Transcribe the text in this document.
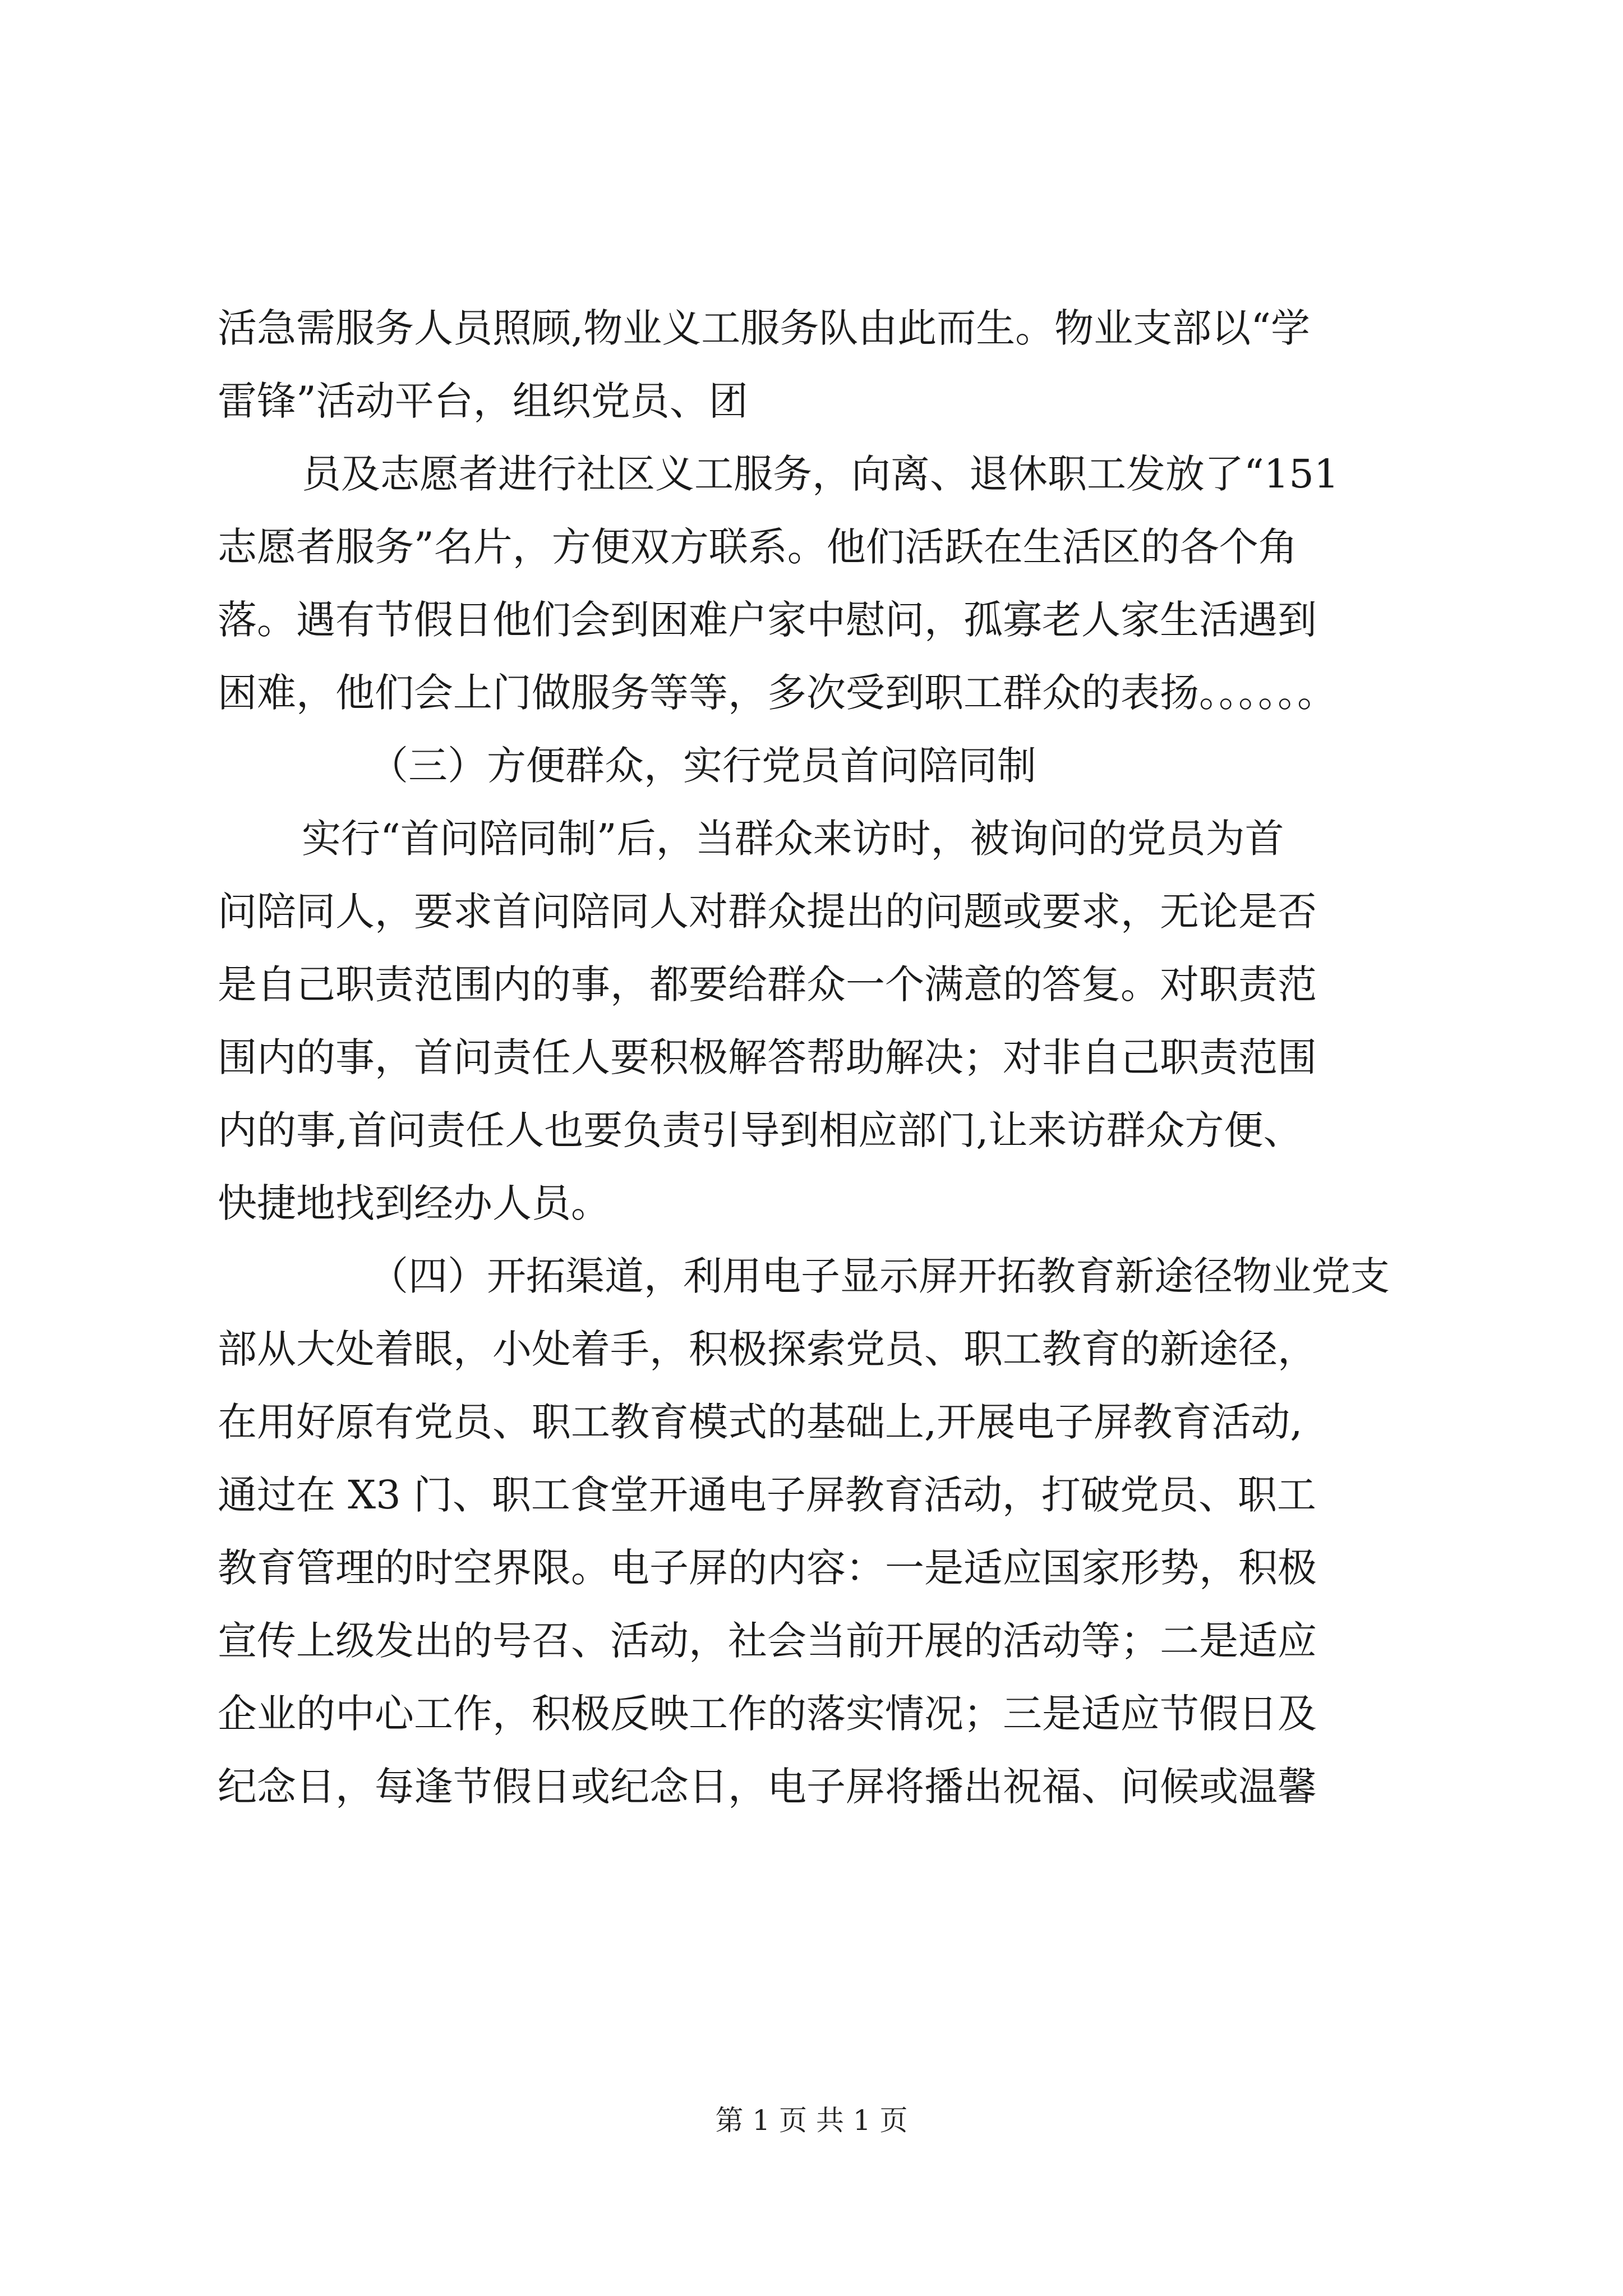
活急需服务人员照顾,物业义工服务队由此而生。物业支部以“学
雷锋”活动平台，组织党员、团
员及志愿者进行社区义工服务，向离、退休职工发放了“151
志愿者服务”名片，方便双方联系。他们活跃在生活区的各个角
落。遇有节假日他们会到困难户家中慰问，孤寡老人家生活遇到
困难，他们会上门做服务等等，多次受到职工群众的表扬。。。。。。
（三）方便群众，实行党员首问陪同制
实行“首问陪同制”后，当群众来访时，被询问的党员为首
问陪同人，要求首问陪同人对群众提出的问题或要求，无论是否
是自己职责范围内的事，都要给群众一个满意的答复。对职责范
围内的事，首问责任人要积极解答帮助解决；对非自己职责范围
内的事,首问责任人也要负责引导到相应部门,让来访群众方便、
快捷地找到经办人员。
（四）开拓渠道，利用电子显示屏开拓教育新途径物业党支
部从大处着眼，小处着手，积极探索党员、职工教育的新途径，
在用好原有党员、职工教育模式的基础上,开展电子屏教育活动,
通过在 X3 门、职工食堂开通电子屏教育活动，打破党员、职工
教育管理的时空界限。电子屏的内容：一是适应国家形势，积极
宣传上级发出的号召、活动，社会当前开展的活动等；二是适应
企业的中心工作，积极反映工作的落实情况；三是适应节假日及
纪念日，每逢节假日或纪念日，电子屏将播出祝福、问候或温馨
第 1 页 共 1 页
